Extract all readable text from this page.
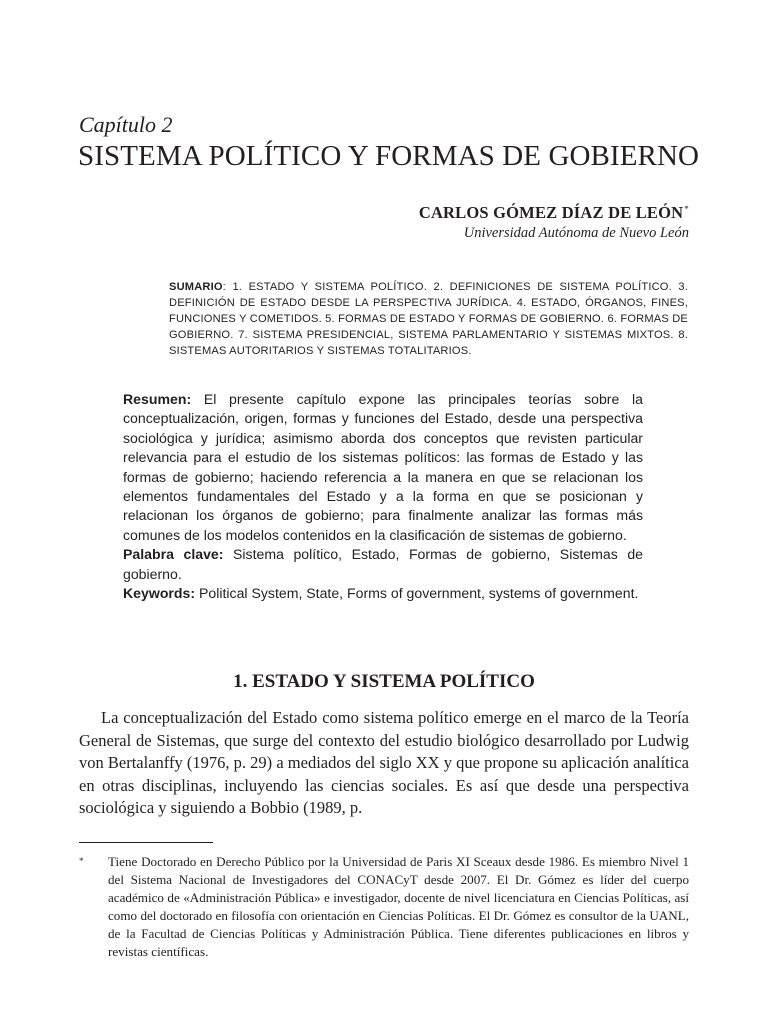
Capítulo 2
SISTEMA POLÍTICO Y FORMAS DE GOBIERNO
CARLOS GÓMEZ DÍAZ DE LEÓN*
Universidad Autónoma de Nuevo León
SUMARIO: 1. ESTADO Y SISTEMA POLÍTICO. 2. DEFINICIONES DE SISTEMA POLÍTICO. 3. DEFINICIÓN DE ESTADO DESDE LA PERSPECTIVA JURÍDICA. 4. ESTADO, ÓRGANOS, FINES, FUNCIONES Y COMETIDOS. 5. FORMAS DE ESTADO Y FORMAS DE GOBIERNO. 6. FORMAS DE GOBIERNO. 7. SISTEMA PRESIDENCIAL, SISTEMA PARLAMENTARIO Y SISTEMAS MIXTOS. 8. SISTEMAS AUTORITARIOS Y SISTEMAS TOTALITARIOS.

Resumen: El presente capítulo expone las principales teorías sobre la conceptualización, origen, formas y funciones del Estado, desde una perspectiva sociológica y jurídica; asimismo aborda dos conceptos que revisten particular relevancia para el estudio de los sistemas políticos: las formas de Estado y las formas de gobierno; haciendo referencia a la manera en que se relacionan los elementos fundamentales del Estado y a la forma en que se posicionan y relacionan los órganos de gobierno; para finalmente analizar las formas más comunes de los modelos contenidos en la clasificación de sistemas de gobierno.

Palabra clave: Sistema político, Estado, Formas de gobierno, Sistemas de gobierno.

Keywords: Political System, State, Forms of government, systems of government.

1. ESTADO Y SISTEMA POLÍTICO

La conceptualización del Estado como sistema político emerge en el marco de la Teoría General de Sistemas, que surge del contexto del estudio biológico desarrollado por Ludwig von Bertalanffy (1976, p. 29) a mediados del siglo XX y que propone su aplicación analítica en otras disciplinas, incluyendo las ciencias sociales. Es así que desde una perspectiva sociológica y siguiendo a Bobbio (1989, p.

* Tiene Doctorado en Derecho Público por la Universidad de Paris XI Sceaux desde 1986. Es miembro Nivel 1 del Sistema Nacional de Investigadores del CONACyT desde 2007. El Dr. Gómez es líder del cuerpo académico de «Administración Pública» e investigador, docente de nivel licenciatura en Ciencias Políticas, así como del doctorado en filosofía con orientación en Ciencias Políticas. El Dr. Gómez es consultor de la UANL, de la Facultad de Ciencias Políticas y Administración Pública. Tiene diferentes publicaciones en libros y revistas científicas.
